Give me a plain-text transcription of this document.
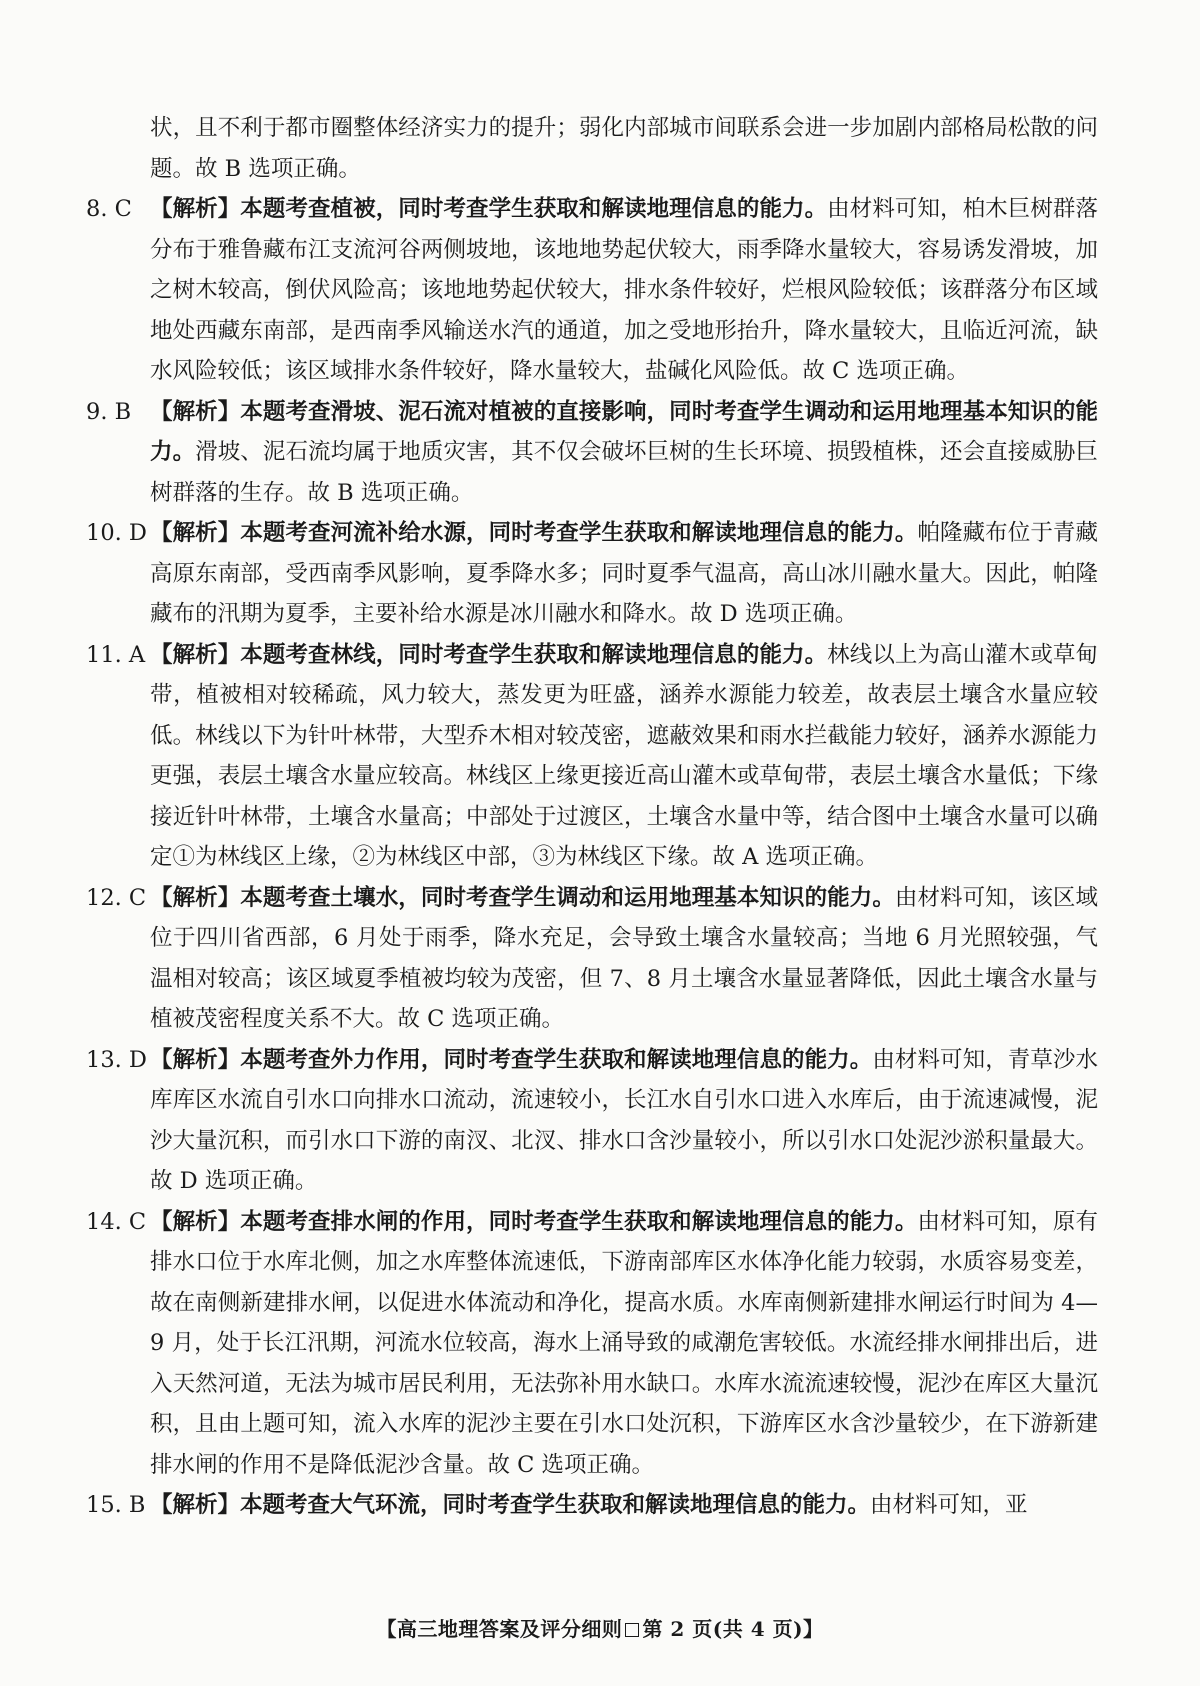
状，且不利于都市圈整体经济实力的提升；弱化内部城市间联系会进一步加剧内部格局松散的问题。故 B 选项正确。

8. C 【解析】本题考查植被，同时考查学生获取和解读地理信息的能力。由材料可知，柏木巨树群落分布于雅鲁藏布江支流河谷两侧坡地，该地地势起伏较大，雨季降水量较大，容易诱发滑坡，加之树木较高，倒伏风险高；该地地势起伏较大，排水条件较好，烂根风险较低；该群落分布区域地处西藏东南部，是西南季风输送水汽的通道，加之受地形抬升，降水量较大，且临近河流，缺水风险较低；该区域排水条件较好，降水量较大，盐碱化风险低。故 C 选项正确。

9. B 【解析】本题考查滑坡、泥石流对植被的直接影响，同时考查学生调动和运用地理基本知识的能力。滑坡、泥石流均属于地质灾害，其不仅会破坏巨树的生长环境、损毁植株，还会直接威胁巨树群落的生存。故 B 选项正确。

10. D 【解析】本题考查河流补给水源，同时考查学生获取和解读地理信息的能力。帕隆藏布位于青藏高原东南部，受西南季风影响，夏季降水多；同时夏季气温高，高山冰川融水量大。因此，帕隆藏布的汛期为夏季，主要补给水源是冰川融水和降水。故 D 选项正确。

11. A 【解析】本题考查林线，同时考查学生获取和解读地理信息的能力。林线以上为高山灌木或草甸带，植被相对较稀疏，风力较大，蒸发更为旺盛，涵养水源能力较差，故表层土壤含水量应较低。林线以下为针叶林带，大型乔木相对较茂密，遮蔽效果和雨水拦截能力较好，涵养水源能力更强，表层土壤含水量应较高。林线区上缘更接近高山灌木或草甸带，表层土壤含水量低；下缘接近针叶林带，土壤含水量高；中部处于过渡区，土壤含水量中等，结合图中土壤含水量可以确定①为林线区上缘，②为林线区中部，③为林线区下缘。故 A 选项正确。

12. C 【解析】本题考查土壤水，同时考查学生调动和运用地理基本知识的能力。由材料可知，该区域位于四川省西部，6 月处于雨季，降水充足，会导致土壤含水量较高；当地 6 月光照较强，气温相对较高；该区域夏季植被均较为茂密，但 7、8 月土壤含水量显著降低，因此土壤含水量与植被茂密程度关系不大。故 C 选项正确。

13. D 【解析】本题考查外力作用，同时考查学生获取和解读地理信息的能力。由材料可知，青草沙水库库区水流自引水口向排水口流动，流速较小，长江水自引水口进入水库后，由于流速减慢，泥沙大量沉积，而引水口下游的南汊、北汊、排水口含沙量较小，所以引水口处泥沙淤积量最大。故 D 选项正确。

14. C 【解析】本题考查排水闸的作用，同时考查学生获取和解读地理信息的能力。由材料可知，原有排水口位于水库北侧，加之水库整体流速低，下游南部库区水体净化能力较弱，水质容易变差，故在南侧新建排水闸，以促进水体流动和净化，提高水质。水库南侧新建排水闸运行时间为 4—9 月，处于长江汛期，河流水位较高，海水上涌导致的咸潮危害较低。水流经排水闸排出后，进入天然河道，无法为城市居民利用，无法弥补用水缺口。水库水流流速较慢，泥沙在库区大量沉积，且由上题可知，流入水库的泥沙主要在引水口处沉积，下游库区水含沙量较少，在下游新建排水闸的作用不是降低泥沙含量。故 C 选项正确。

15. B 【解析】本题考查大气环流，同时考查学生获取和解读地理信息的能力。由材料可知，亚

【高三地理答案及评分细则 第 2 页(共 4 页)】
